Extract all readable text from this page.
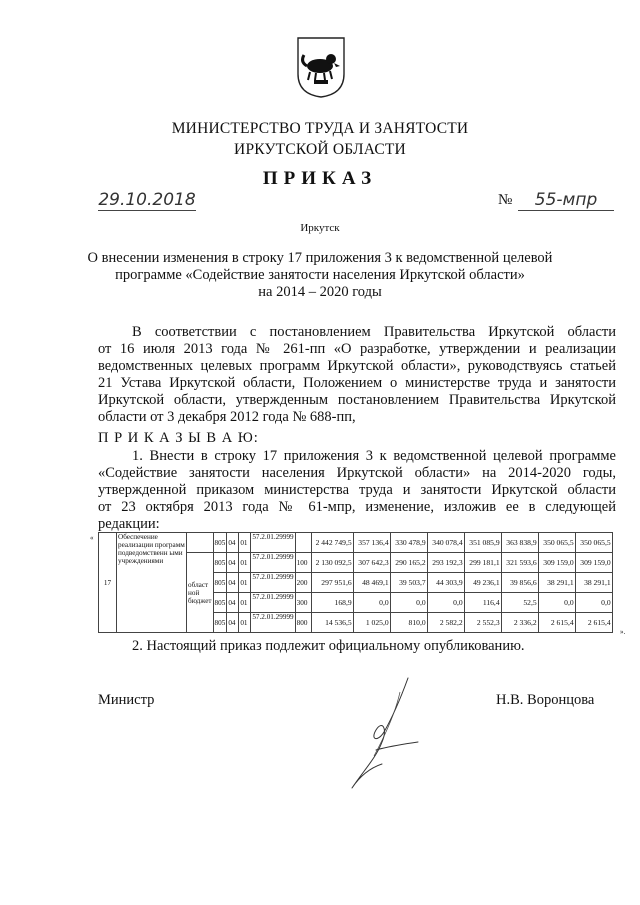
МИНИСТЕРСТВО ТРУДА И ЗАНЯТОСТИ
ИРКУТСКОЙ ОБЛАСТИ
ПРИКАЗ
29.10.2018	№	55-мпр
Иркутск
О внесении изменения в строку 17 приложения 3 к ведомственной целевой
программе «Содействие занятости населения Иркутской области»
на 2014 – 2020 годы
В соответствии с постановлением Правительства Иркутской области
от 16 июля 2013 года № 261-пп «О разработке, утверждении и реализации
ведомственных целевых программ Иркутской области», руководствуясь статьей
21 Устава Иркутской области, Положением о министерстве труда и занятости
Иркутской области, утвержденным постановлением Правительства Иркутской
области от 3 декабря 2012 года № 688-пп,
П Р И К А З Ы В А Ю:
1. Внести в строку 17 приложения 3 к ведомственной целевой программе
«Содействие занятости населения Иркутской области» на 2014-2020 годы,
утвержденной приказом министерства труда и занятости Иркутской области
от 23 октября 2013 года № 61-мпр, изменение, изложив ее в следующей
редакции:
«
17	Обеспечение реализации программ подведомственн ыми учреждениями		805	04	01	57.2.01.29999		2 442 749,5	357 136,4	330 478,9	340 078,4	351 085,9	363 838,9	350 065,5	350 065,5
		област ной бюджет	805	04	01	57.2.01.29999	100	2 130 092,5	307 642,3	290 165,2	293 192,3	299 181,1	321 593,6	309 159,0	309 159,0
			805	04	01	57.2.01.29999	200	297 951,6	48 469,1	39 503,7	44 303,9	49 236,1	39 856,6	38 291,1	38 291,1
			805	04	01	57.2.01.29999	300	168,9	0,0	0,0	0,0	116,4	52,5	0,0	0,0
			805	04	01	57.2.01.29999	800	14 536,5	1 025,0	810,0	2 582,2	2 552,3	2 336,2	2 615,4	2 615,4
».
2. Настоящий приказ подлежит официальному опубликованию.
Министр	Н.В. Воронцова
